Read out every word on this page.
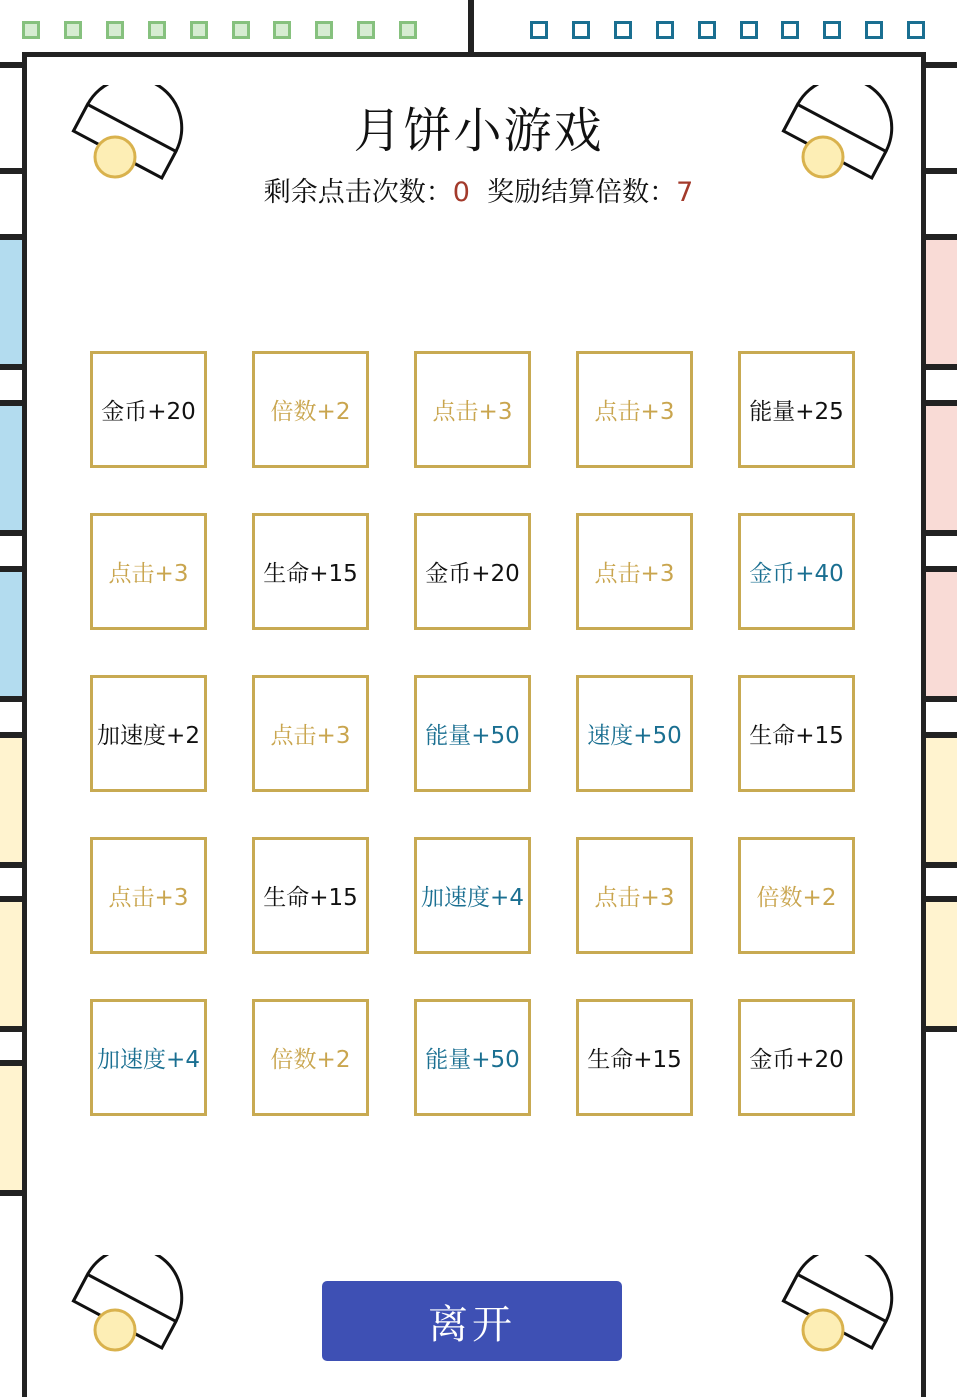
月饼小游戏
剩余点击次数：0 奖励结算倍数：7
金币+20	倍数+2	点击+3	点击+3	能量+25
点击+3	生命+15	金币+20	点击+3	金币+40
加速度+2	点击+3	能量+50	速度+50	生命+15
点击+3	生命+15	加速度+4	点击+3	倍数+2
加速度+4	倍数+2	能量+50	生命+15	金币+20
离开
